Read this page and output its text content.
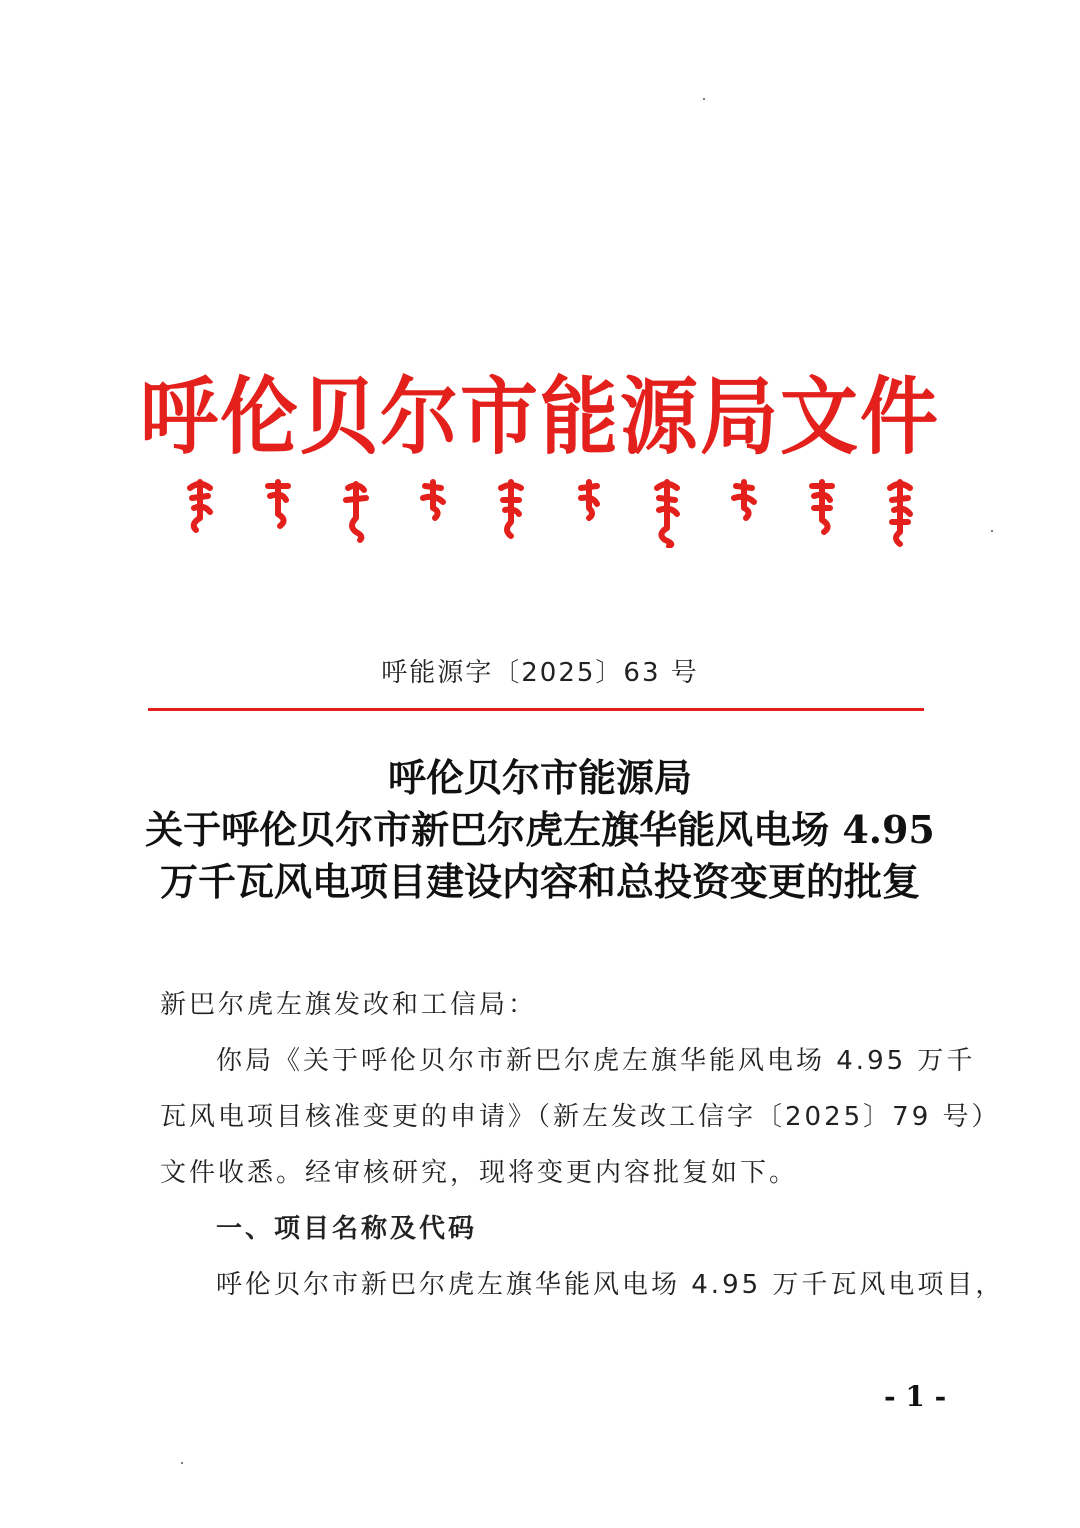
呼伦贝尔市能源局文件
呼能源字〔2025〕63 号
呼伦贝尔市能源局
关于呼伦贝尔市新巴尔虎左旗华能风电场 4.95
万千瓦风电项目建设内容和总投资变更的批复
新巴尔虎左旗发改和工信局：
你局《关于呼伦贝尔市新巴尔虎左旗华能风电场 4.95 万千
瓦风电项目核准变更的申请》（新左发改工信字〔2025〕79 号）
文件收悉。经审核研究，现将变更内容批复如下。
一、项目名称及代码
呼伦贝尔市新巴尔虎左旗华能风电场 4.95 万千瓦风电项目，
- 1 -
